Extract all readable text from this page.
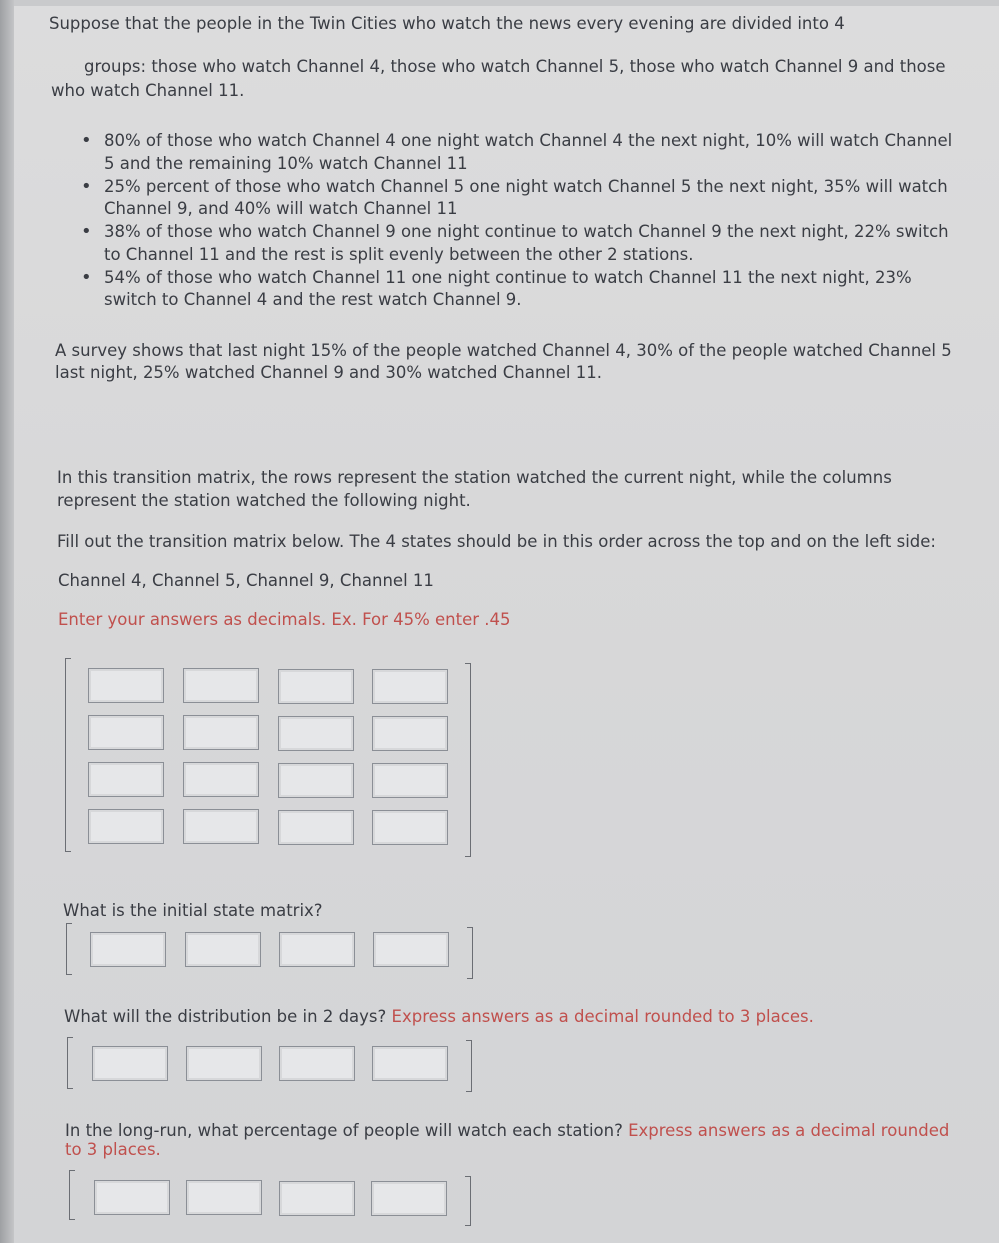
Suppose that the people in the Twin Cities who watch the news every evening are divided into 4
groups: those who watch Channel 4, those who watch Channel 5, those who watch Channel 9 and those
who watch Channel 11.
• 80% of those who watch Channel 4 one night watch Channel 4 the next night, 10% will watch Channel
5 and the remaining 10% watch Channel 11
• 25% percent of those who watch Channel 5 one night watch Channel 5 the next night, 35% will watch
Channel 9, and 40% will watch Channel 11
• 38% of those who watch Channel 9 one night continue to watch Channel 9 the next night, 22% switch
to Channel 11 and the rest is split evenly between the other 2 stations.
• 54% of those who watch Channel 11 one night continue to watch Channel 11 the next night, 23%
switch to Channel 4 and the rest watch Channel 9.
A survey shows that last night 15% of the people watched Channel 4, 30% of the people watched Channel 5
last night, 25% watched Channel 9 and 30% watched Channel 11.
In this transition matrix, the rows represent the station watched the current night, while the columns
represent the station watched the following night.
Fill out the transition matrix below. The 4 states should be in this order across the top and on the left side:
Channel 4, Channel 5, Channel 9, Channel 11
Enter your answers as decimals. Ex. For 45% enter .45
What is the initial state matrix?
What will the distribution be in 2 days? Express answers as a decimal rounded to 3 places.
In the long-run, what percentage of people will watch each station? Express answers as a decimal rounded
to 3 places.
